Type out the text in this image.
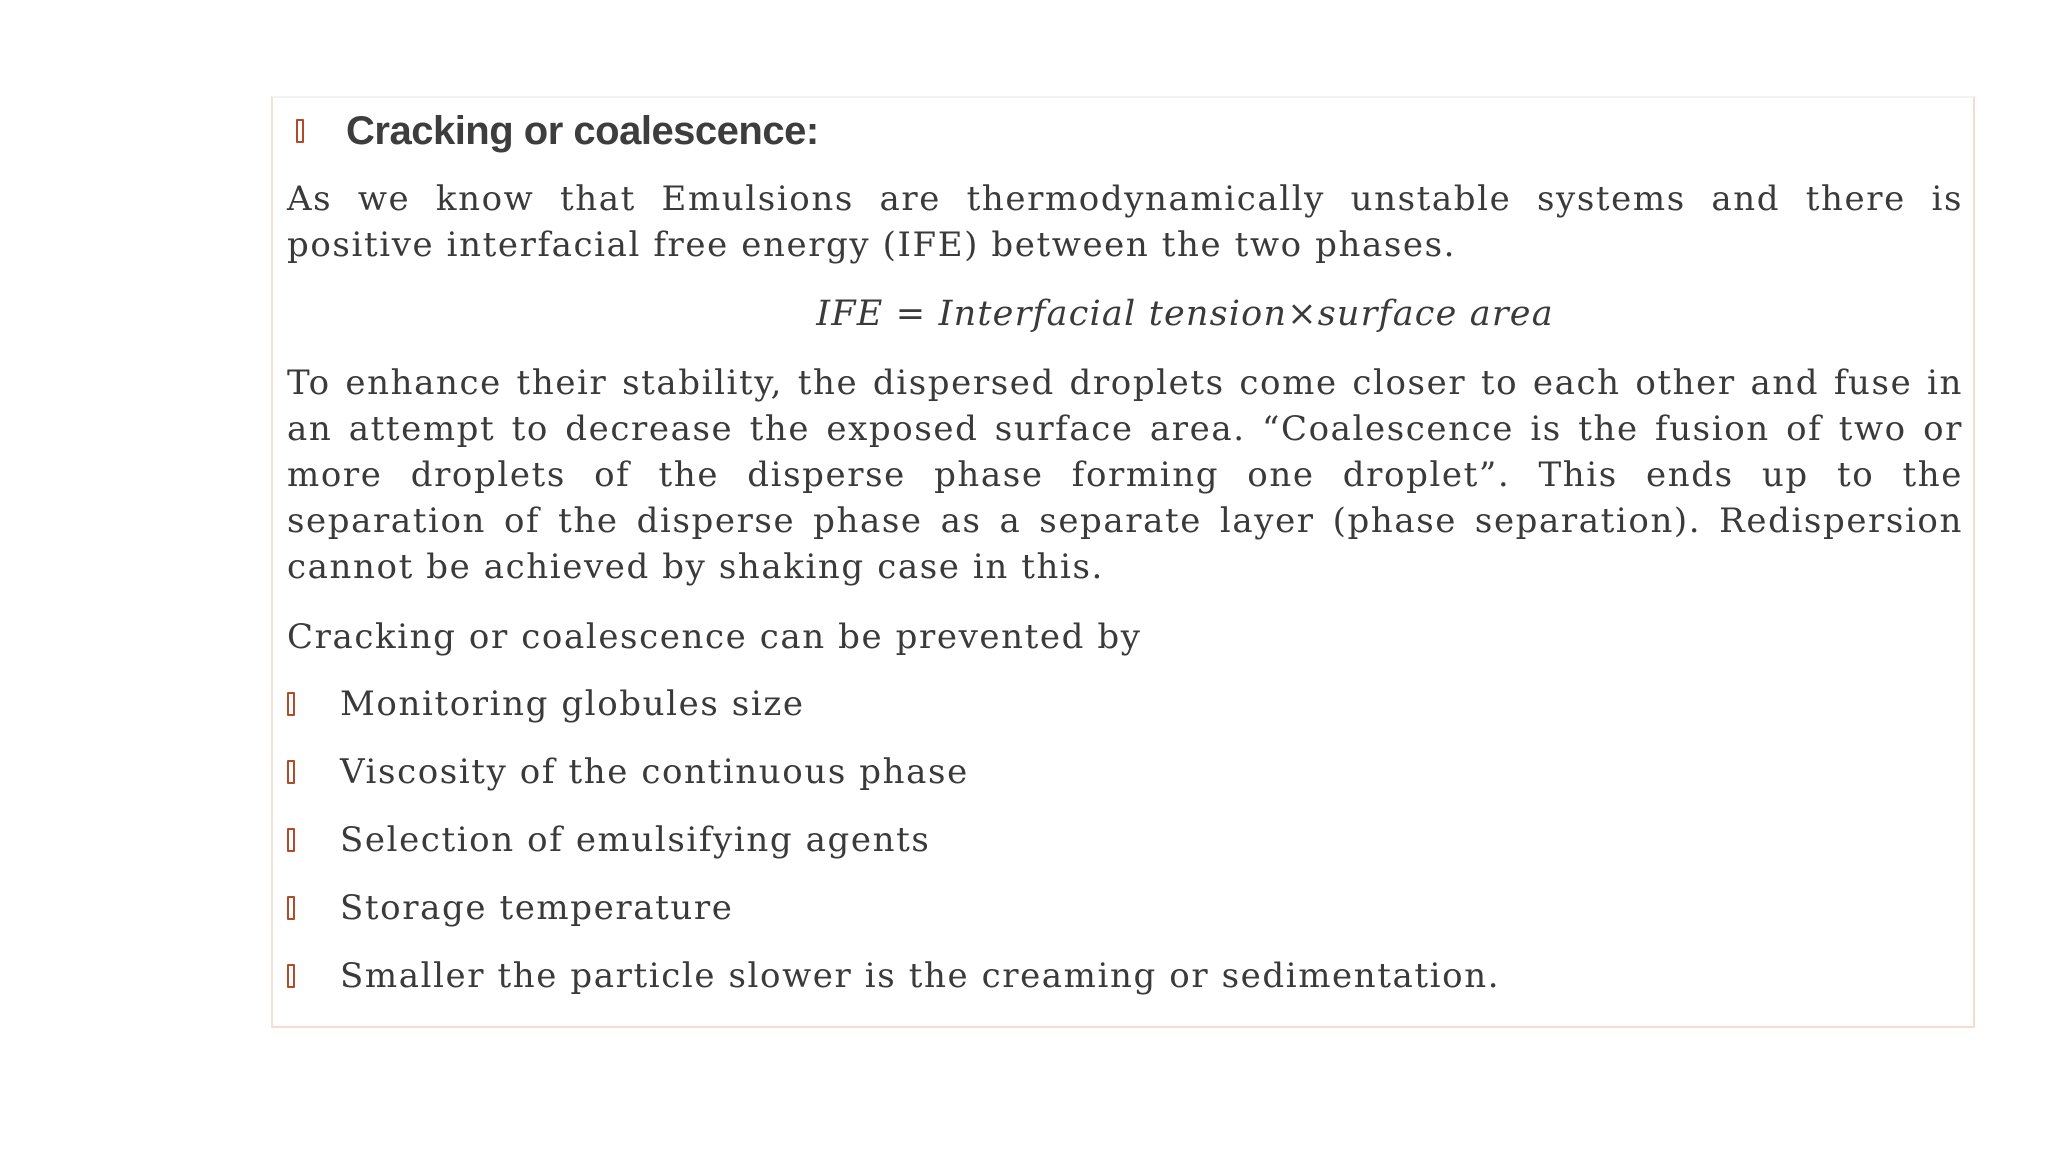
Cracking or coalescence:

As we know that Emulsions are thermodynamically unstable systems and there is positive interfacial free energy (IFE) between the two phases.

IFE = Interfacial tension×surface area

To enhance their stability, the dispersed droplets come closer to each other and fuse in an attempt to decrease the exposed surface area. “Coalescence is the fusion of two or more droplets of the disperse phase forming one droplet”. This ends up to the separation of the disperse phase as a separate layer (phase separation). Redispersion cannot be achieved by shaking case in this.

Cracking or coalescence can be prevented by

Monitoring globules size
Viscosity of the continuous phase
Selection of emulsifying agents
Storage temperature
Smaller the particle slower is the creaming or sedimentation.
